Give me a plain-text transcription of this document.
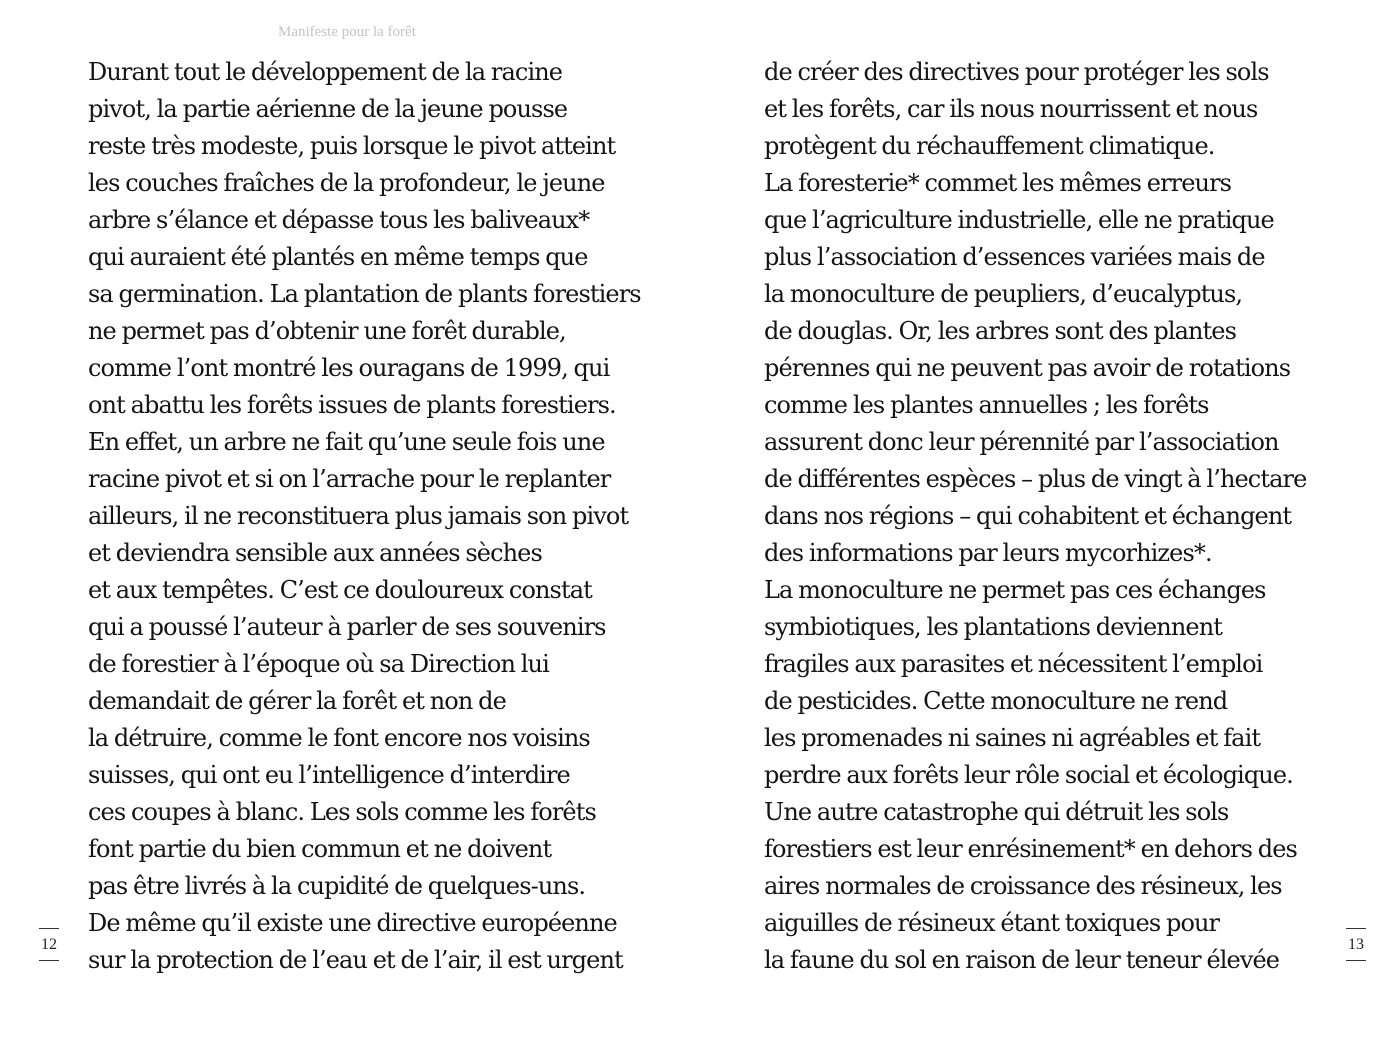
Manifeste pour la forêt
Durant tout le développement de la racine
pivot, la partie aérienne de la jeune pousse
reste très modeste, puis lorsque le pivot atteint
les couches fraîches de la profondeur, le jeune
arbre s’élance et dépasse tous les baliveaux*
qui auraient été plantés en même temps que
sa germination. La plantation de plants forestiers
ne permet pas d’obtenir une forêt durable,
comme l’ont montré les ouragans de 1999, qui
ont abattu les forêts issues de plants forestiers.
En effet, un arbre ne fait qu’une seule fois une
racine pivot et si on l’arrache pour le replanter
ailleurs, il ne reconstituera plus jamais son pivot
et deviendra sensible aux années sèches
et aux tempêtes. C’est ce douloureux constat
qui a poussé l’auteur à parler de ses souvenirs
de forestier à l’époque où sa Direction lui
demandait de gérer la forêt et non de
la détruire, comme le font encore nos voisins
suisses, qui ont eu l’intelligence d’interdire
ces coupes à blanc. Les sols comme les forêts
font partie du bien commun et ne doivent
pas être livrés à la cupidité de quelques-uns.
De même qu’il existe une directive européenne
sur la protection de l’eau et de l’air, il est urgent
de créer des directives pour protéger les sols
et les forêts, car ils nous nourrissent et nous
protègent du réchauffement climatique.
La foresterie* commet les mêmes erreurs
que l’agriculture industrielle, elle ne pratique
plus l’association d’essences variées mais de
la monoculture de peupliers, d’eucalyptus,
de douglas. Or, les arbres sont des plantes
pérennes qui ne peuvent pas avoir de rotations
comme les plantes annuelles ; les forêts
assurent donc leur pérennité par l’association
de différentes espèces – plus de vingt à l’hectare
dans nos régions – qui cohabitent et échangent
des informations par leurs mycorhizes*.
La monoculture ne permet pas ces échanges
symbiotiques, les plantations deviennent
fragiles aux parasites et nécessitent l’emploi
de pesticides. Cette monoculture ne rend
les promenades ni saines ni agréables et fait
perdre aux forêts leur rôle social et écologique.
Une autre catastrophe qui détruit les sols
forestiers est leur enrésinement* en dehors des
aires normales de croissance des résineux, les
aiguilles de résineux étant toxiques pour
la faune du sol en raison de leur teneur élevée
12	13
